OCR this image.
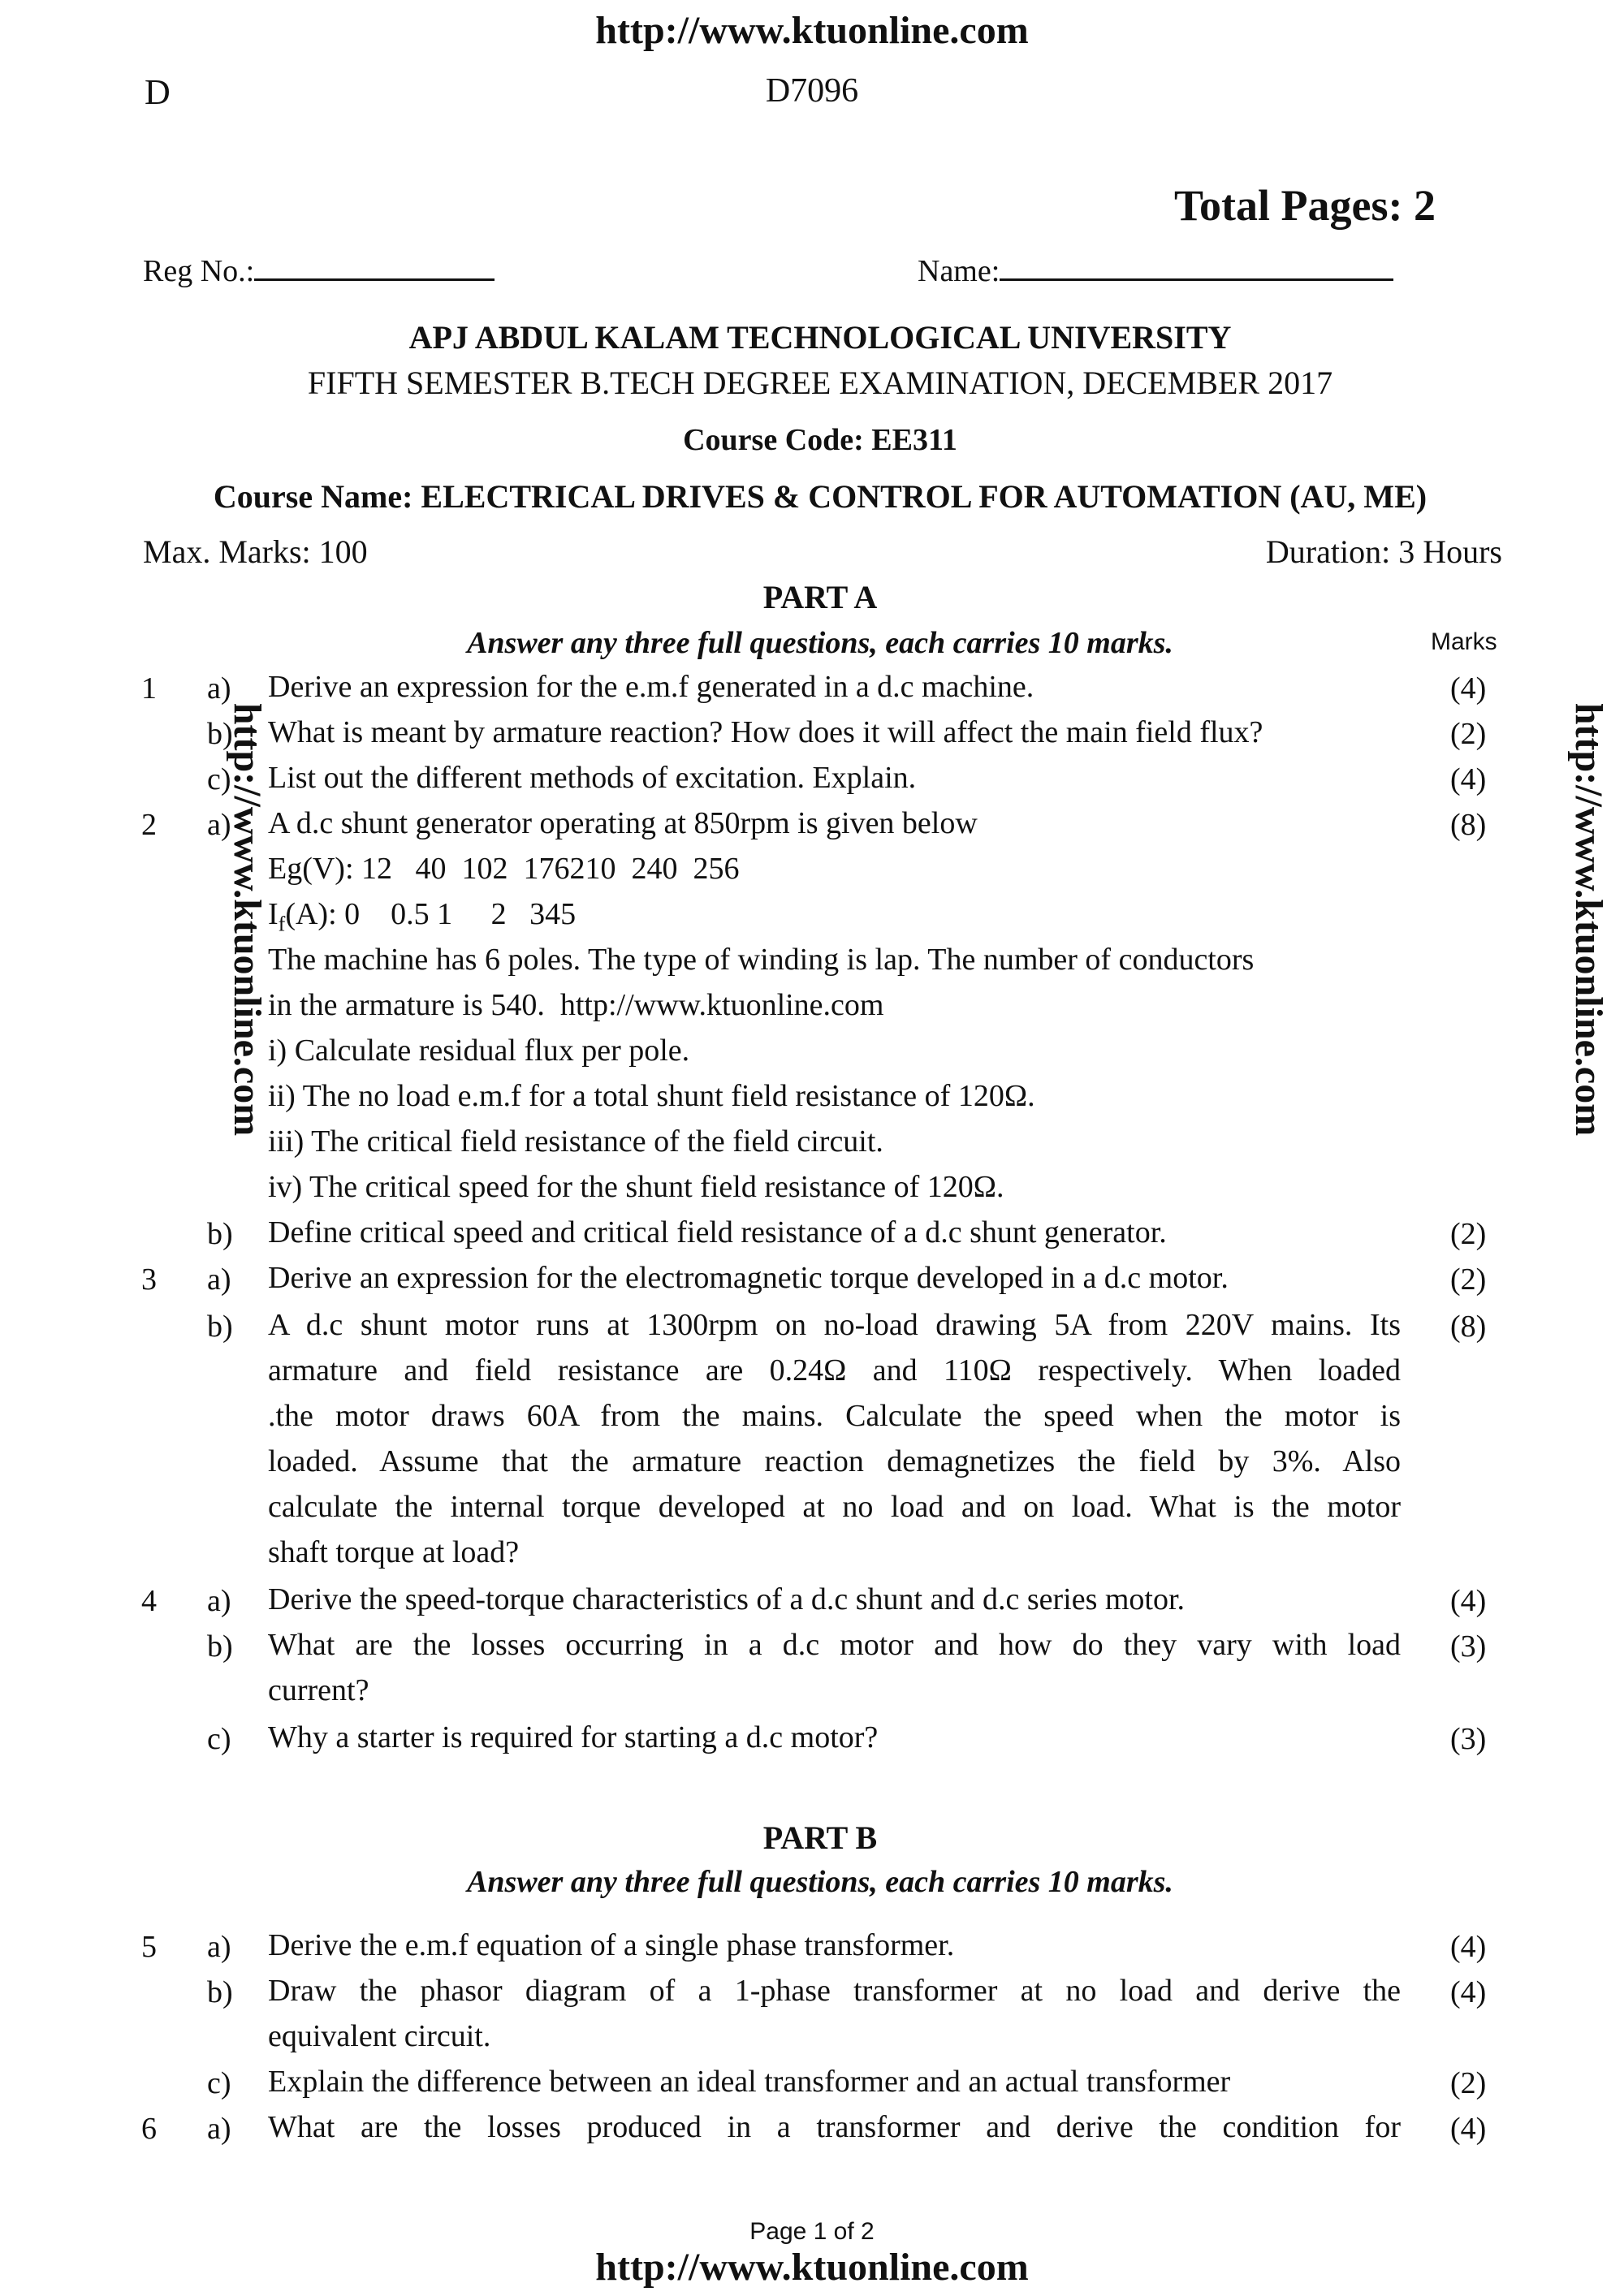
http://www.ktuonline.com
D	D7096
Total Pages: 2
Reg No.:	Name:
APJ ABDUL KALAM TECHNOLOGICAL UNIVERSITY
FIFTH SEMESTER B.TECH DEGREE EXAMINATION, DECEMBER 2017
Course Code: EE311
Course Name: ELECTRICAL DRIVES & CONTROL FOR AUTOMATION (AU, ME)
Max. Marks: 100	Duration: 3 Hours
PART A
Answer any three full questions, each carries 10 marks.	Marks
1 a) Derive an expression for the e.m.f generated in a d.c machine.	(4)
b) What is meant by armature reaction? How does it will affect the main field flux?	(2)
c) List out the different methods of excitation. Explain.	(4)
2 a) A d.c shunt generator operating at 850rpm is given below	(8)
Eg(V): 12   40  102  176210  240  256
$I_f(A)$: 0    0.5 1     2   345
The machine has 6 poles. The type of winding is lap. The number of conductors
in the armature is 540. http://www.ktuonline.com
i) Calculate residual flux per pole.
ii) The no load e.m.f for a total shunt field resistance of 120Ω.
iii) The critical field resistance of the field circuit.
iv) The critical speed for the shunt field resistance of 120Ω.
b) Define critical speed and critical field resistance of a d.c shunt generator.	(2)
3 a) Derive an expression for the electromagnetic torque developed in a d.c motor.	(2)
b)	(8)
A d.c shunt motor runs at 1300rpm on no-load drawing 5A from 220V mains. Its
armature and field resistance are 0.24Ω and 110Ω respectively. When loaded
.the motor draws 60A from the mains. Calculate the speed when the motor is
loaded. Assume that the armature reaction demagnetizes the field by 3%. Also
calculate the internal torque developed at no load and on load. What is the motor
shaft torque at load?
4 a) Derive the speed-torque characteristics of a d.c shunt and d.c series motor.	(4)
b) What are the losses occurring in a d.c motor and how do they vary with load
current?
(3)
c) Why a starter is required for starting a d.c motor?	(3)
PART B
Answer any three full questions, each carries 10 marks.
5 a) Derive the e.m.f equation of a single phase transformer.	(4)
b) Draw the phasor diagram of a 1-phase transformer at no load and derive the
equivalent circuit.
(4)
c) Explain the difference between an ideal transformer and an actual transformer	(2)
6 a) What are the losses produced in a transformer and derive the condition for (4)
http://www.ktuonline.com	http://www.ktuonline.com
Page 1 of 2
http://www.ktuonline.com
